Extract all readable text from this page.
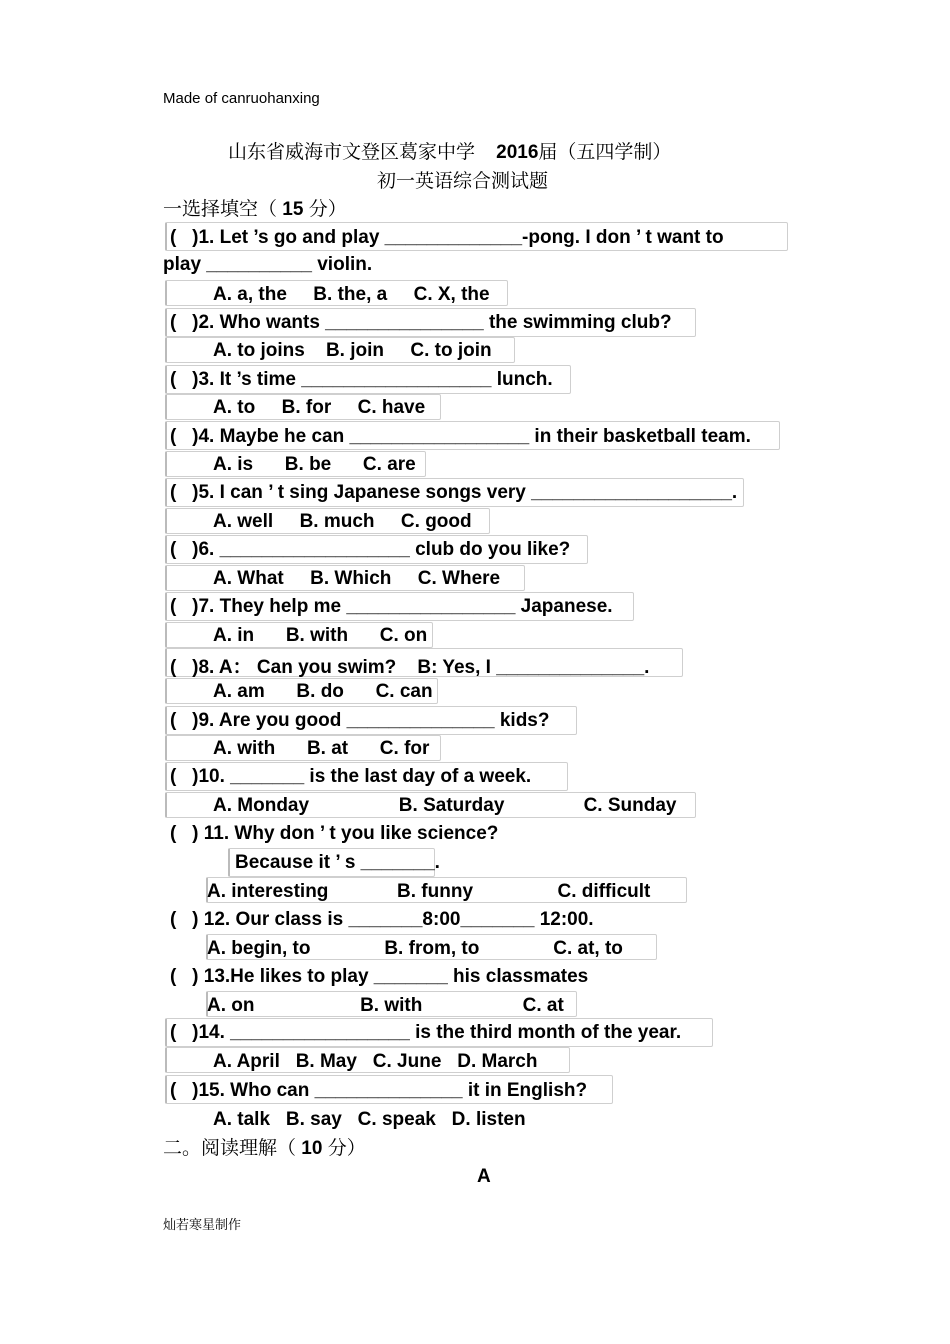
Made of canruohanxing
山东省威海市文登区葛家中学 2016届（五四学制）
初一英语综合测试题
一选择填空（ 15 分）
(   )1. Let ’s go and play _____________-pong. I don ’ t want to
play __________ violin.
A. a, the     B. the, a     C. X, the
(   )2. Who wants _______________ the swimming club?
A. to joins    B. join     C. to join
(   )3. It ’s time __________________ lunch.
A. to     B. for     C. have
(   )4. Maybe he can _________________ in their basketball team.
A. is      B. be      C. are
(   )5. I can ’ t sing Japanese songs very ___________________.
A. well     B. much     C. good
(   )6. __________________ club do you like?
A. What     B. Which     C. Where
(   )7. They help me ________________ Japanese.
A. in      B. with      C. on
(   )8. A： Can you swim?    B: Yes, I ______________.
A. am      B. do      C. can
(   )9. Are you good ______________ kids?
A. with      B. at      C. for
(   )10. _______ is the last day of a week.
A. Monday                 B. Saturday               C. Sunday
(   ) 11. Why don ’ t you like science?
Because it ’ s _______.
A. interesting             B. funny                C. difficult
(   ) 12. Our class is _______8:00_______ 12:00.
A. begin, to              B. from, to              C. at, to
(   ) 13.He likes to play _______ his classmates
A. on                    B. with                   C. at
(   )14. _________________ is the third month of the year.
A. April   B. May   C. June   D. March
(   )15. Who can ______________ it in English?
A. talk   B. say   C. speak   D. listen
二。阅读理解（ 10 分）
A
灿若寒星制作
